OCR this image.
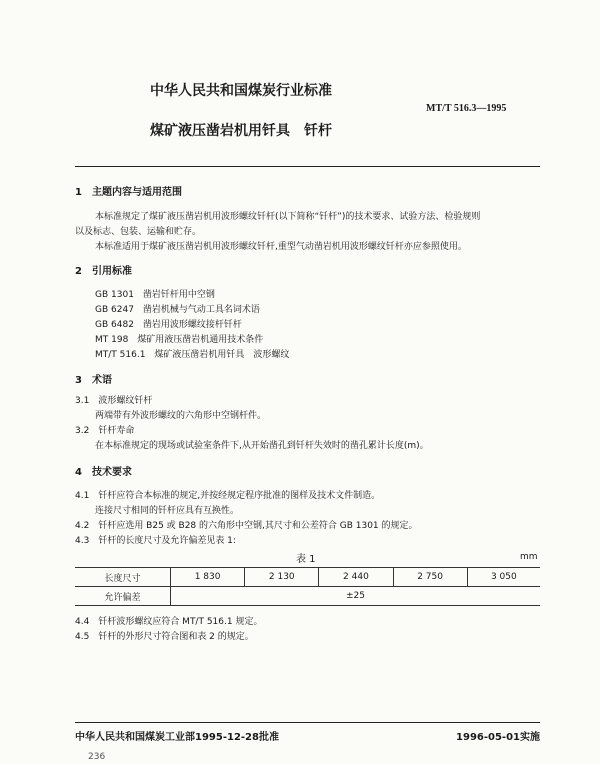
中华人民共和国煤炭行业标准
MT/T 516.3—1995
煤矿液压凿岩机用钎具　钎杆
1　主题内容与适用范围
本标准规定了煤矿液压凿岩机用波形螺纹钎杆(以下简称“钎杆”)的技术要求、试验方法、检验规则
以及标志、包装、运输和贮存。
本标准适用于煤矿液压凿岩机用波形螺纹钎杆,重型气动凿岩机用波形螺纹钎杆亦应参照使用。
2　引用标准
GB 1301　凿岩钎杆用中空钢
GB 6247　凿岩机械与气动工具名词术语
GB 6482　凿岩用波形螺纹接杆钎杆
MT 198　煤矿用液压凿岩机通用技术条件
MT/T 516.1　煤矿液压凿岩机用钎具　波形螺纹
3　术语
3.1　波形螺纹钎杆
两端带有外波形螺纹的六角形中空钢杆件。
3.2　钎杆寿命
在本标准规定的现场或试验室条件下,从开始凿孔到钎杆失效时的凿孔累计长度(m)。
4　技术要求
4.1　钎杆应符合本标准的规定,并按经规定程序批准的图样及技术文件制造。
连接尺寸相同的钎杆应具有互换性。
4.2　钎杆应选用 B25 或 B28 的六角形中空钢,其尺寸和公差符合 GB 1301 的规定。
4.3　钎杆的长度尺寸及允许偏差见表 1:
表 1	mm
长度尺寸	1 830	2 130	2 440	2 750	3 050
允许偏差	±25				
4.4　钎杆波形螺纹应符合 MT/T 516.1 规定。
4.5　钎杆的外形尺寸符合图和表 2 的规定。
中华人民共和国煤炭工业部1995-12-28批准	1996-05-01实施
236
